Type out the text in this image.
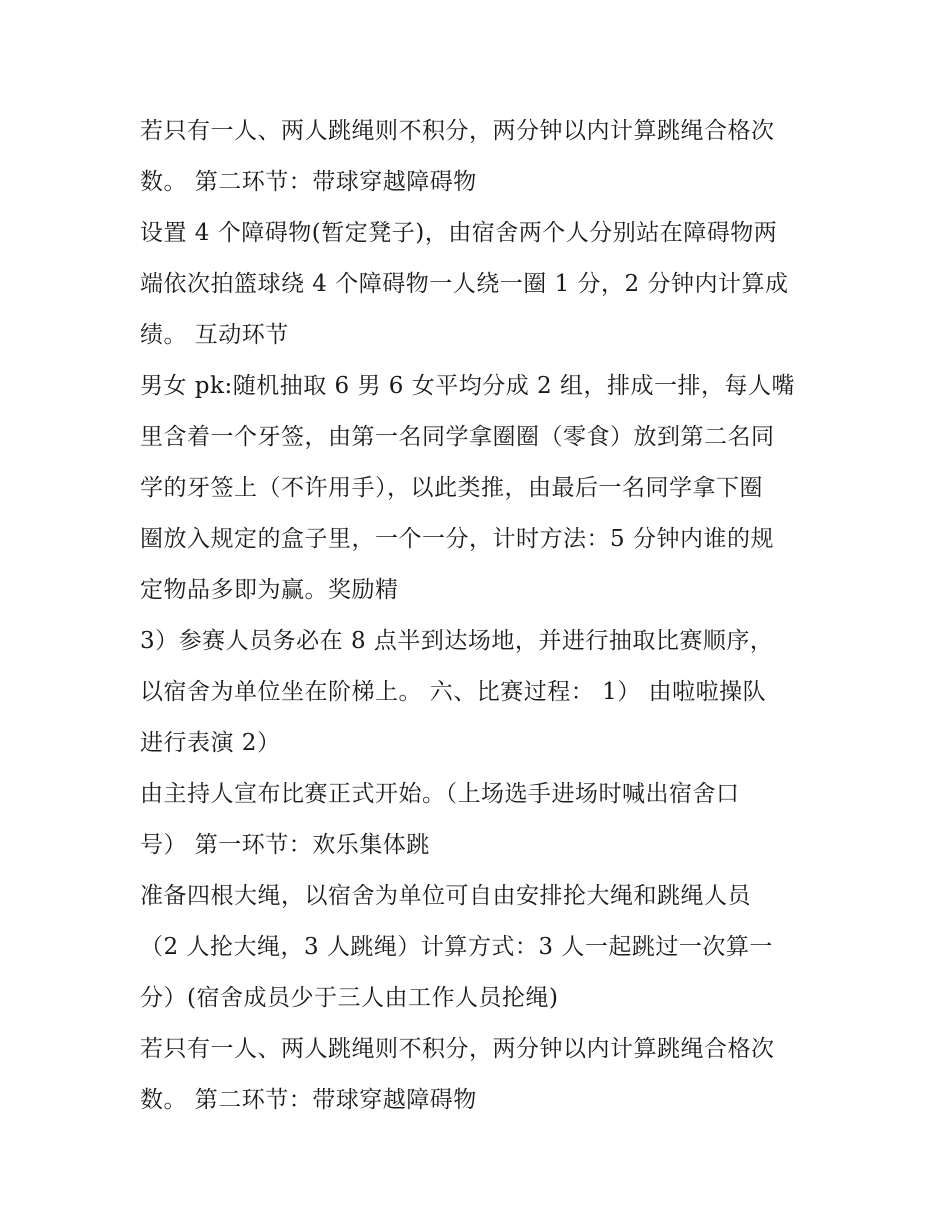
若只有一人、两人跳绳则不积分，两分钟以内计算跳绳合格次
数。 第二环节：带球穿越障碍物
设置 4 个障碍物(暂定凳子)，由宿舍两个人分别站在障碍物两
端依次拍篮球绕 4 个障碍物一人绕一圈 1 分，2 分钟内计算成
绩。 互动环节
男女 pk:随机抽取 6 男 6 女平均分成 2 组，排成一排，每人嘴
里含着一个牙签，由第一名同学拿圈圈（零食）放到第二名同
学的牙签上（不许用手），以此类推，由最后一名同学拿下圈
圈放入规定的盒子里，一个一分，计时方法：5 分钟内谁的规
定物品多即为赢。奖励精
3）参赛人员务必在 8 点半到达场地，并进行抽取比赛顺序，
以宿舍为单位坐在阶梯上。 六、比赛过程： 1） 由啦啦操队
进行表演 2）
由主持人宣布比赛正式开始。（上场选手进场时喊出宿舍口
号） 第一环节：欢乐集体跳
准备四根大绳，以宿舍为单位可自由安排抡大绳和跳绳人员
（2 人抡大绳，3 人跳绳）计算方式：3 人一起跳过一次算一
分）(宿舍成员少于三人由工作人员抡绳)
若只有一人、两人跳绳则不积分，两分钟以内计算跳绳合格次
数。 第二环节：带球穿越障碍物
